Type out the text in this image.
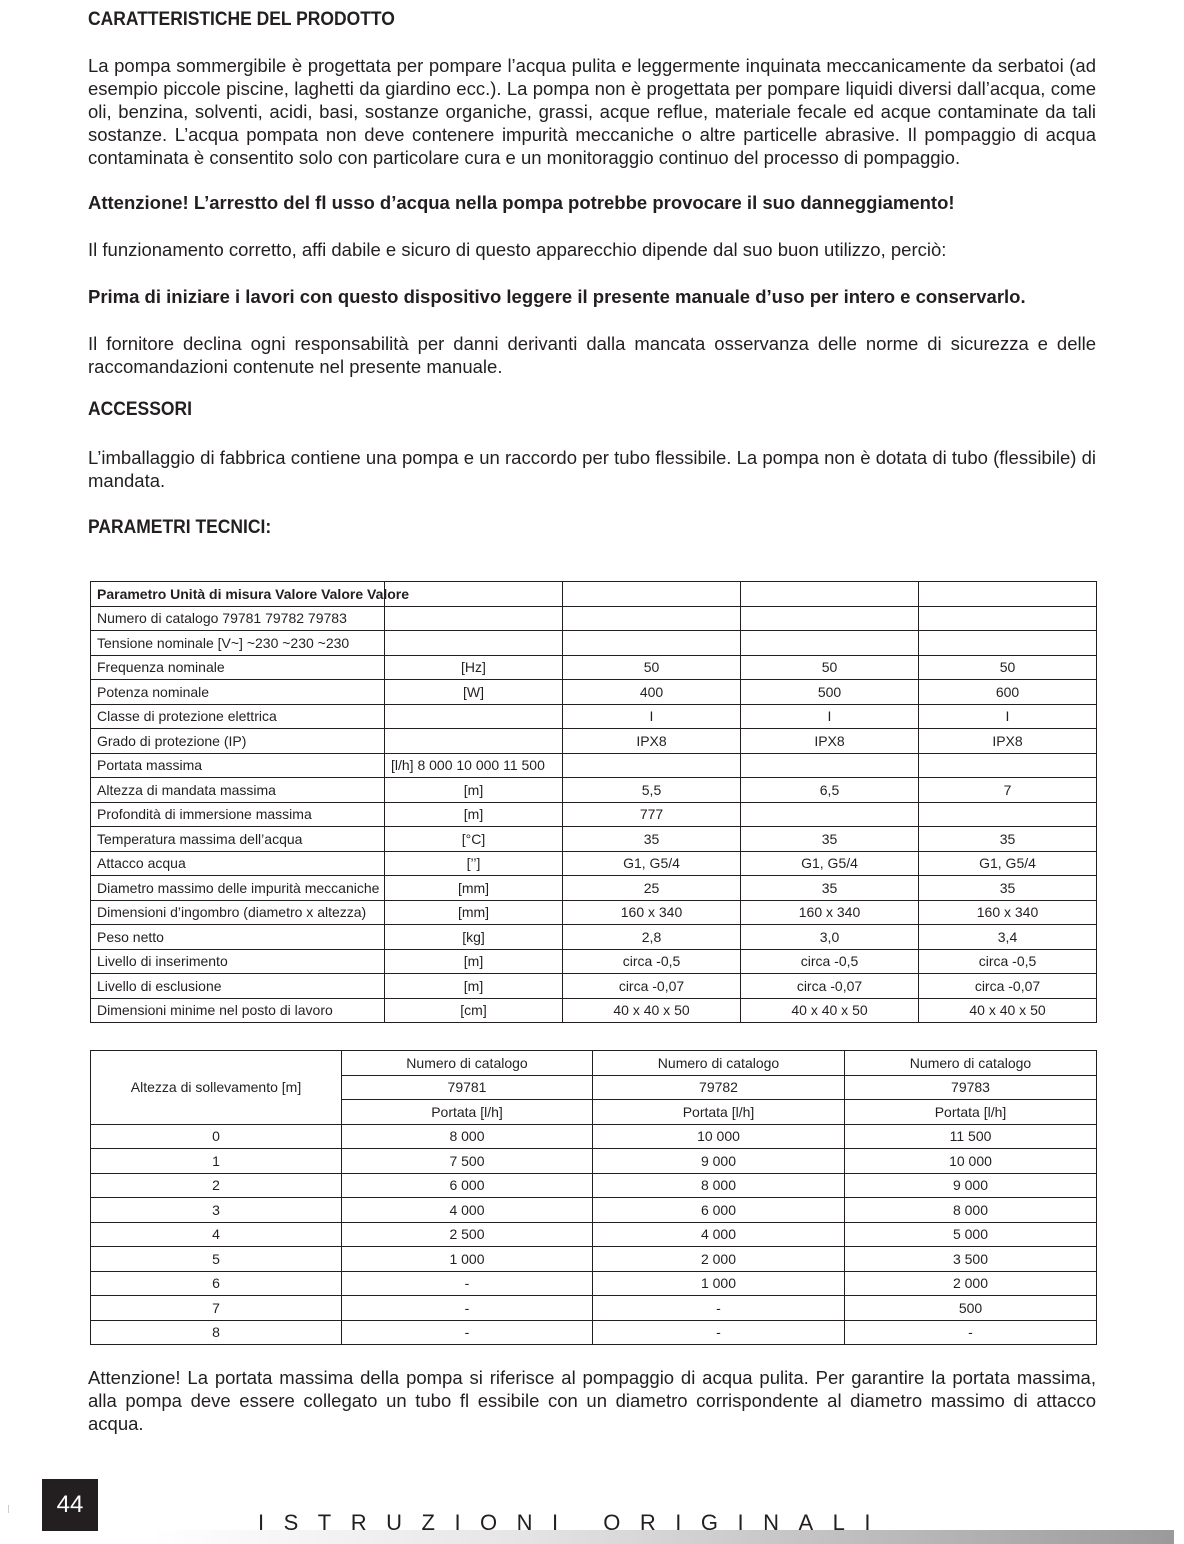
CARATTERISTICHE DEL PRODOTTO

La pompa sommergibile è progettata per pompare l’acqua pulita e leggermente inquinata meccanicamente da serbatoi (ad esempio piccole piscine, laghetti da giardino ecc.). La pompa non è progettata per pompare liquidi diversi dall’acqua, come oli, benzina, solventi, acidi, basi, sostanze organiche, grassi, acque reflue, materiale fecale ed acque contaminate da tali sostanze. L’acqua pompata non deve contenere impurità meccaniche o altre particelle abrasive. Il pompaggio di acqua contaminata è consentito solo con particolare cura e un monitoraggio continuo del processo di pompaggio.

Attenzione! L’arrestto del fl usso d’acqua nella pompa potrebbe provocare il suo danneggiamento!

Il funzionamento corretto, affi dabile e sicuro di questo apparecchio dipende dal suo buon utilizzo, perciò:

Prima di iniziare i lavori con questo dispositivo leggere il presente manuale d’uso per intero e conservarlo.

Il fornitore declina ogni responsabilità per danni derivanti dalla mancata osservanza delle norme di sicurezza e delle raccomandazioni contenute nel presente manuale.

ACCESSORI

L’imballaggio di fabbrica contiene una pompa e un raccordo per tubo flessibile. La pompa non è dotata di tubo (flessibile) di mandata.

PARAMETRI TECNICI:
Parametro Unità di misura Valore Valore Valore				
Numero di catalogo 79781 79782 79783				
Tensione nominale [V~] ~230 ~230 ~230				
Frequenza nominale	[Hz]	50	50	50
Potenza nominale	[W]	400	500	600
Classe di protezione elettrica		I	I	I
Grado di protezione (IP)		IPX8	IPX8	IPX8
Portata massima	[l/h] 8 000 10 000 11 500			
Altezza di mandata massima	[m]	5,5	6,5	7
Profondità di immersione massima	[m]	777		
Temperatura massima dell’acqua	[°C]	35	35	35
Attacco acqua	[’’]	G1, G5/4	G1, G5/4	G1, G5/4
Diametro massimo delle impurità meccaniche	[mm]	25	35	35
Dimensioni d’ingombro (diametro x altezza)	[mm]	160 x 340	160 x 340	160 x 340
Peso netto	[kg]	2,8	3,0	3,4
Livello di inserimento	[m]	circa -0,5	circa -0,5	circa -0,5
Livello di esclusione	[m]	circa -0,07	circa -0,07	circa -0,07
Dimensioni minime nel posto di lavoro	[cm]	40 x 40 x 50	40 x 40 x 50	40 x 40 x 50
Altezza di sollevamento [m]	Numero di catalogo	Numero di catalogo	Numero di catalogo
	79781	79782	79783
	Portata [l/h]	Portata [l/h]	Portata [l/h]
0	8 000	10 000	11 500
1	7 500	9 000	10 000
2	6 000	8 000	9 000
3	4 000	6 000	8 000
4	2 500	4 000	5 000
5	1 000	2 000	3 500
6	-	1 000	2 000
7	-	-	500
8	-	-	-

Attenzione! La portata massima della pompa si riferisce al pompaggio di acqua pulita. Per garantire la portata massima, alla pompa deve essere collegato un tubo fl essibile con un diametro corrispondente al diametro massimo di attacco acqua.

44
ISTRUZIONI ORIGINALI
